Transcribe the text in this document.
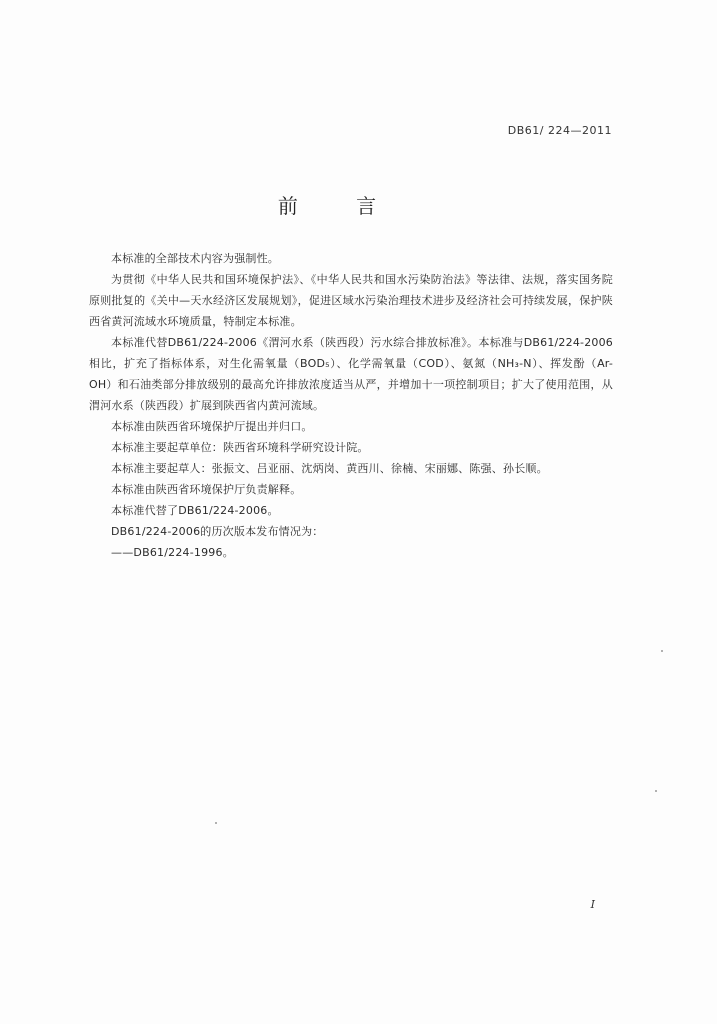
DB61/ 224—2011
前 言

本标准的全部技术内容为强制性。

为贯彻《中华人民共和国环境保护法》、《中华人民共和国水污染防治法》等法律、法规，落实国务院原则批复的《关中—天水经济区发展规划》，促进区域水污染治理技术进步及经济社会可持续发展，保护陕西省黄河流域水环境质量，特制定本标准。

本标准代替DB61/224-2006《渭河水系（陕西段）污水综合排放标准》。本标准与DB61/224-2006相比，扩充了指标体系，对生化需氧量（BOD₅）、化学需氧量（COD）、氨氮（NH₃-N）、挥发酚（Ar-OH）和石油类部分排放级别的最高允许排放浓度适当从严，并增加十一项控制项目；扩大了使用范围，从渭河水系（陕西段）扩展到陕西省内黄河流域。

本标准由陕西省环境保护厅提出并归口。

本标准主要起草单位：陕西省环境科学研究设计院。

本标准主要起草人：张振文、吕亚丽、沈炳岗、黄西川、徐楠、宋丽娜、陈强、孙长顺。

本标准由陕西省环境保护厅负责解释。

本标准代替了DB61/224-2006。

DB61/224-2006的历次版本发布情况为：

——DB61/224-1996。

I
